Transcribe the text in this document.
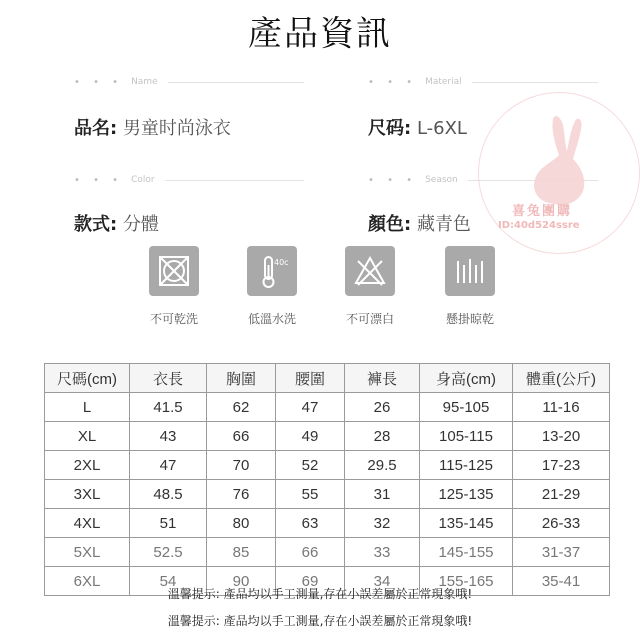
產品資訊
• • • Name	• • • Material
• • • Color	• • • Season
品名: 男童时尚泳衣	尺码: L-6XL
款式: 分體	顏色: 藏青色
喜兔團購
ID:40d524ssre
不可乾洗
40c
低溫水洗	不可漂白	懸掛晾乾
尺碼(cm)	衣長	胸圍	腰圍	褲長	身高(cm)	體重(公斤)
L	41.5	62	47	26	95-105	11-16
XL	43	66	49	28	105-115	13-20
2XL	47	70	52	29.5	115-125	17-23
3XL	48.5	76	55	31	125-135	21-29
4XL	51	80	63	32	135-145	26-33
5XL	52.5	85	66	33	145-155	31-37
6XL	54	90	69	34	155-165	35-41
溫馨提示: 產品均以手工測量,存在小誤差屬於正常現象哦!
溫馨提示: 產品均以手工測量,存在小誤差屬於正常現象哦!
